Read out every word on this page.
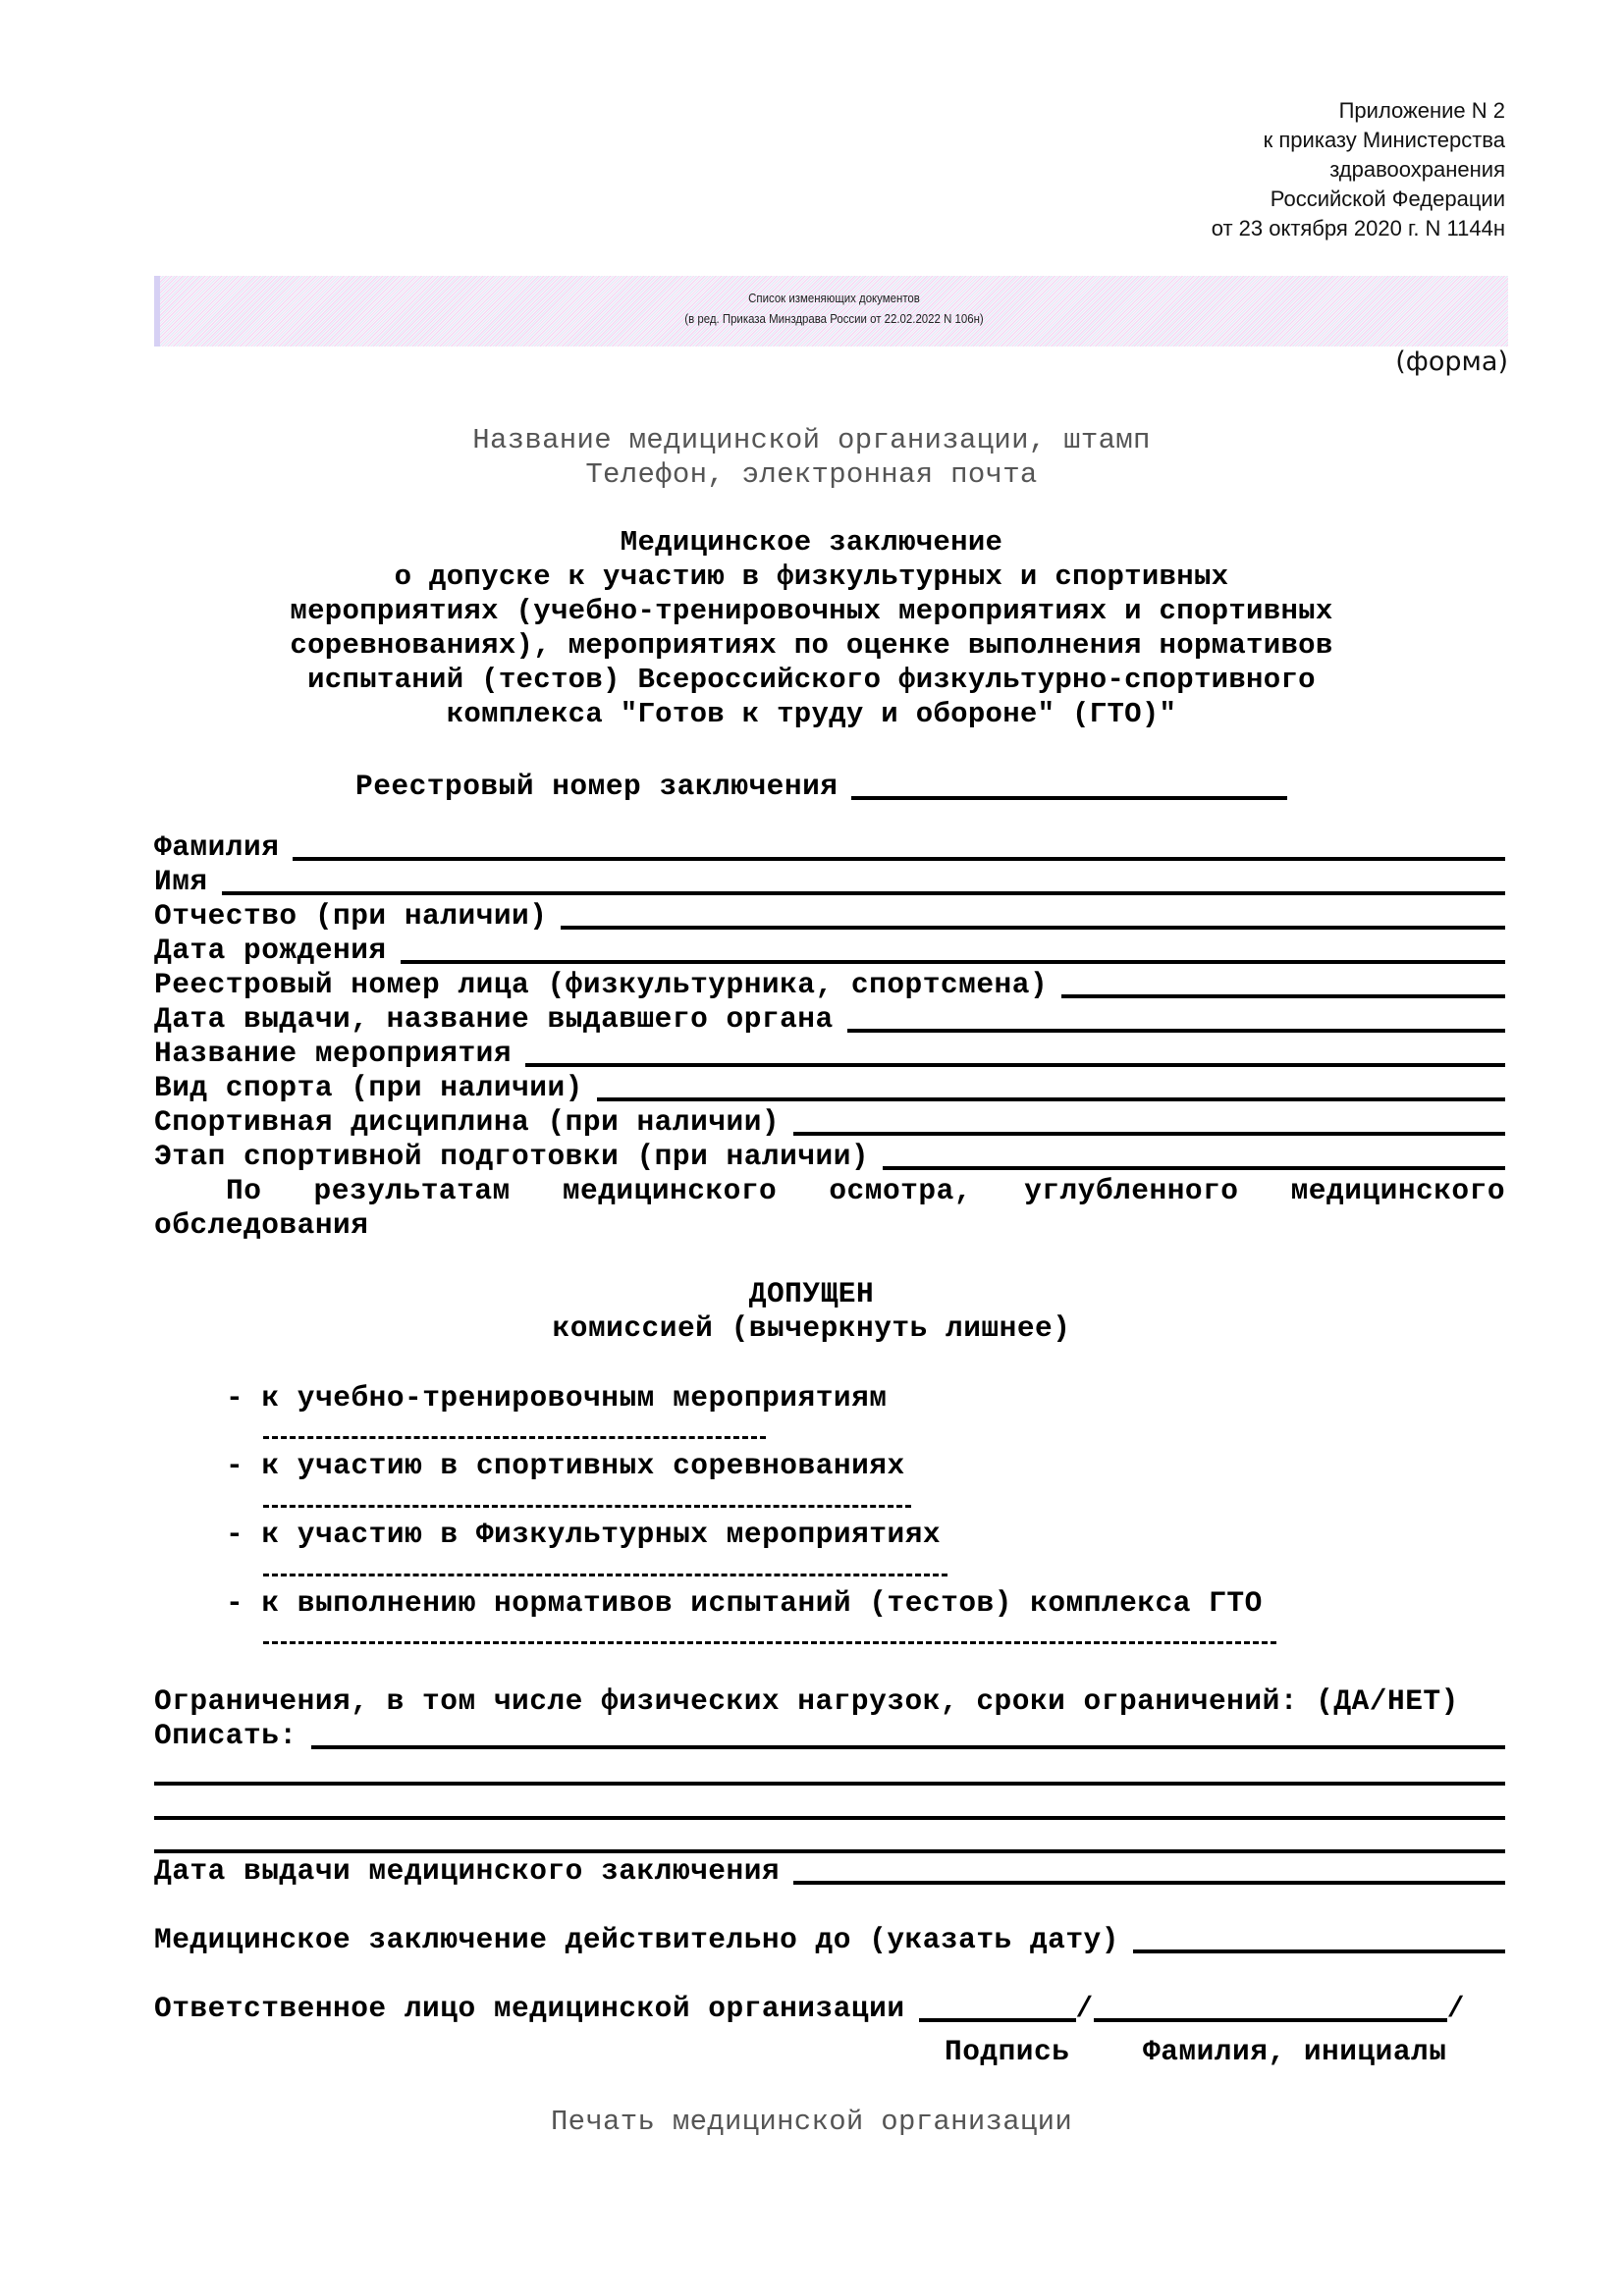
Приложение N 2
к приказу Министерства
здравоохранения
Российской Федерации
от 23 октября 2020 г. N 1144н
Список изменяющих документов
(в ред. Приказа Минздрава России от 22.02.2022 N 106н)
(форма)
Название медицинской организации, штамп
Телефон, электронная почта
Медицинское заключение
о допуске к участию в физкультурных и спортивных
мероприятиях (учебно-тренировочных мероприятиях и спортивных
соревнованиях), мероприятиях по оценке выполнения нормативов
испытаний (тестов) Всероссийского физкультурно-спортивного
комплекса "Готов к труду и обороне" (ГТО)"
Реестровый номер заключения
Фамилия
Имя
Отчество (при наличии)
Дата рождения
Реестровый номер лица (физкультурника, спортсмена)
Дата выдачи, название выдавшего органа
Название мероприятия
Вид спорта (при наличии)
Спортивная дисциплина (при наличии)
Этап спортивной подготовки (при наличии)
По результатам медицинского осмотра, углубленного медицинского
обследования
ДОПУЩЕН
комиссией (вычеркнуть лишнее)
- к учебно-тренировочным мероприятиям
- к участию в спортивных соревнованиях
- к участию в Физкультурных мероприятиях
- к выполнению нормативов испытаний (тестов) комплекса ГТО
Ограничения, в том числе физических нагрузок, сроки ограничений: (ДА/НЕТ)
Описать:
Дата выдачи медицинского заключения
Медицинское заключение действительно до (указать дату)
Ответственное лицо медицинской организации	/	/
Подпись	Фамилия, инициалы
Печать медицинской организации
